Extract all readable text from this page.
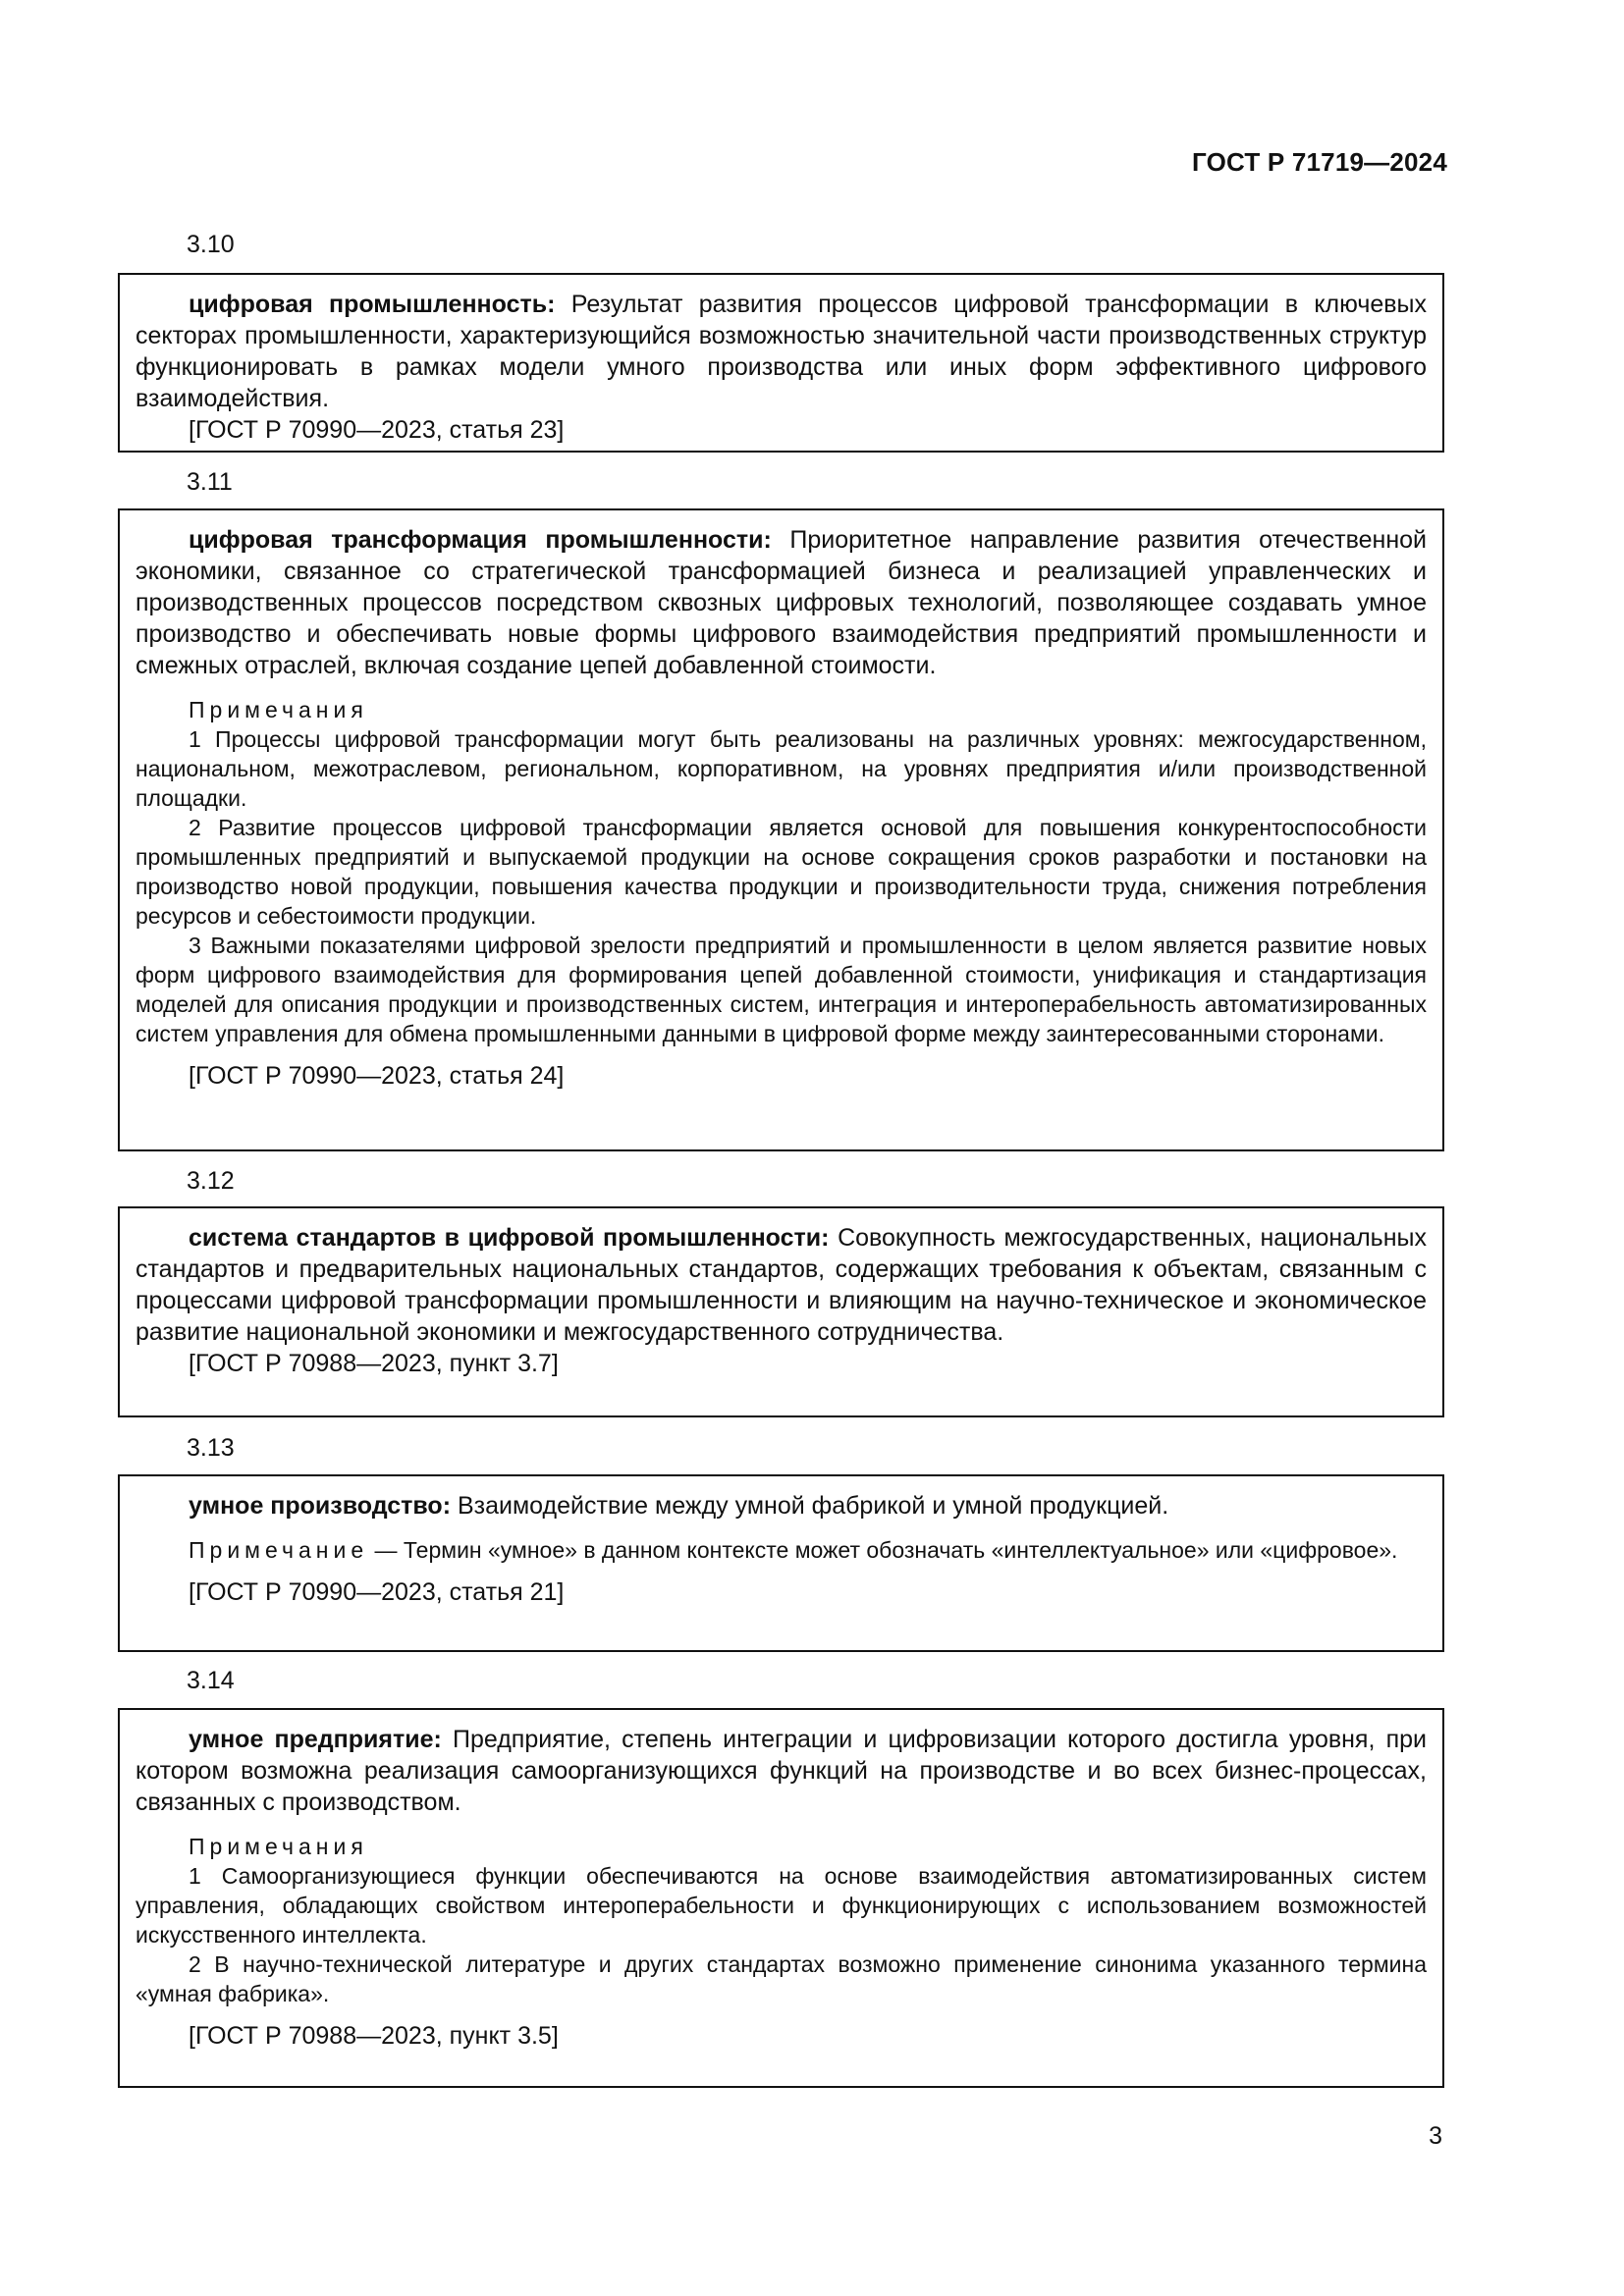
ГОСТ Р 71719—2024
3.10

цифровая промышленность: Результат развития процессов цифровой трансформации в ключевых секторах промышленности, характеризующийся возможностью значительной части производственных структур функционировать в рамках модели умного производства или иных форм эффективного цифрового взаимодействия.

[ГОСТ Р 70990—2023, статья 23]

3.11

цифровая трансформация промышленности: Приоритетное направление развития отечественной экономики, связанное со стратегической трансформацией бизнеса и реализацией управленческих и производственных процессов посредством сквозных цифровых технологий, позволяющее создавать умное производство и обеспечивать новые формы цифрового взаимодействия предприятий промышленности и смежных отраслей, включая создание цепей добавленной стоимости.

Примечания

1 Процессы цифровой трансформации могут быть реализованы на различных уровнях: межгосударственном, национальном, межотраслевом, региональном, корпоративном, на уровнях предприятия и/или производственной площадки.

2 Развитие процессов цифровой трансформации является основой для повышения конкурентоспособности промышленных предприятий и выпускаемой продукции на основе сокращения сроков разработки и постановки на производство новой продукции, повышения качества продукции и производительности труда, снижения потребления ресурсов и себестоимости продукции.

3 Важными показателями цифровой зрелости предприятий и промышленности в целом является развитие новых форм цифрового взаимодействия для формирования цепей добавленной стоимости, унификация и стандартизация моделей для описания продукции и производственных систем, интеграция и интероперабельность автоматизированных систем управления для обмена промышленными данными в цифровой форме между заинтересованными сторонами.

[ГОСТ Р 70990—2023, статья 24]

3.12

система стандартов в цифровой промышленности: Совокупность межгосударственных, национальных стандартов и предварительных национальных стандартов, содержащих требования к объектам, связанным с процессами цифровой трансформации промышленности и влияющим на научно-техническое и экономическое развитие национальной экономики и межгосударственного сотрудничества.

[ГОСТ Р 70988—2023, пункт 3.7]

3.13

умное производство: Взаимодействие между умной фабрикой и умной продукцией.

Примечание — Термин «умное» в данном контексте может обозначать «интеллектуальное» или «цифровое».

[ГОСТ Р 70990—2023, статья 21]

3.14

умное предприятие: Предприятие, степень интеграции и цифровизации которого достигла уровня, при котором возможна реализация самоорганизующихся функций на производстве и во всех бизнес-процессах, связанных с производством.

Примечания

1 Самоорганизующиеся функции обеспечиваются на основе взаимодействия автоматизированных систем управления, обладающих свойством интероперабельности и функционирующих с использованием возможностей искусственного интеллекта.

2 В научно-технической литературе и других стандартах возможно применение синонима указанного термина «умная фабрика».

[ГОСТ Р 70988—2023, пункт 3.5]

3
